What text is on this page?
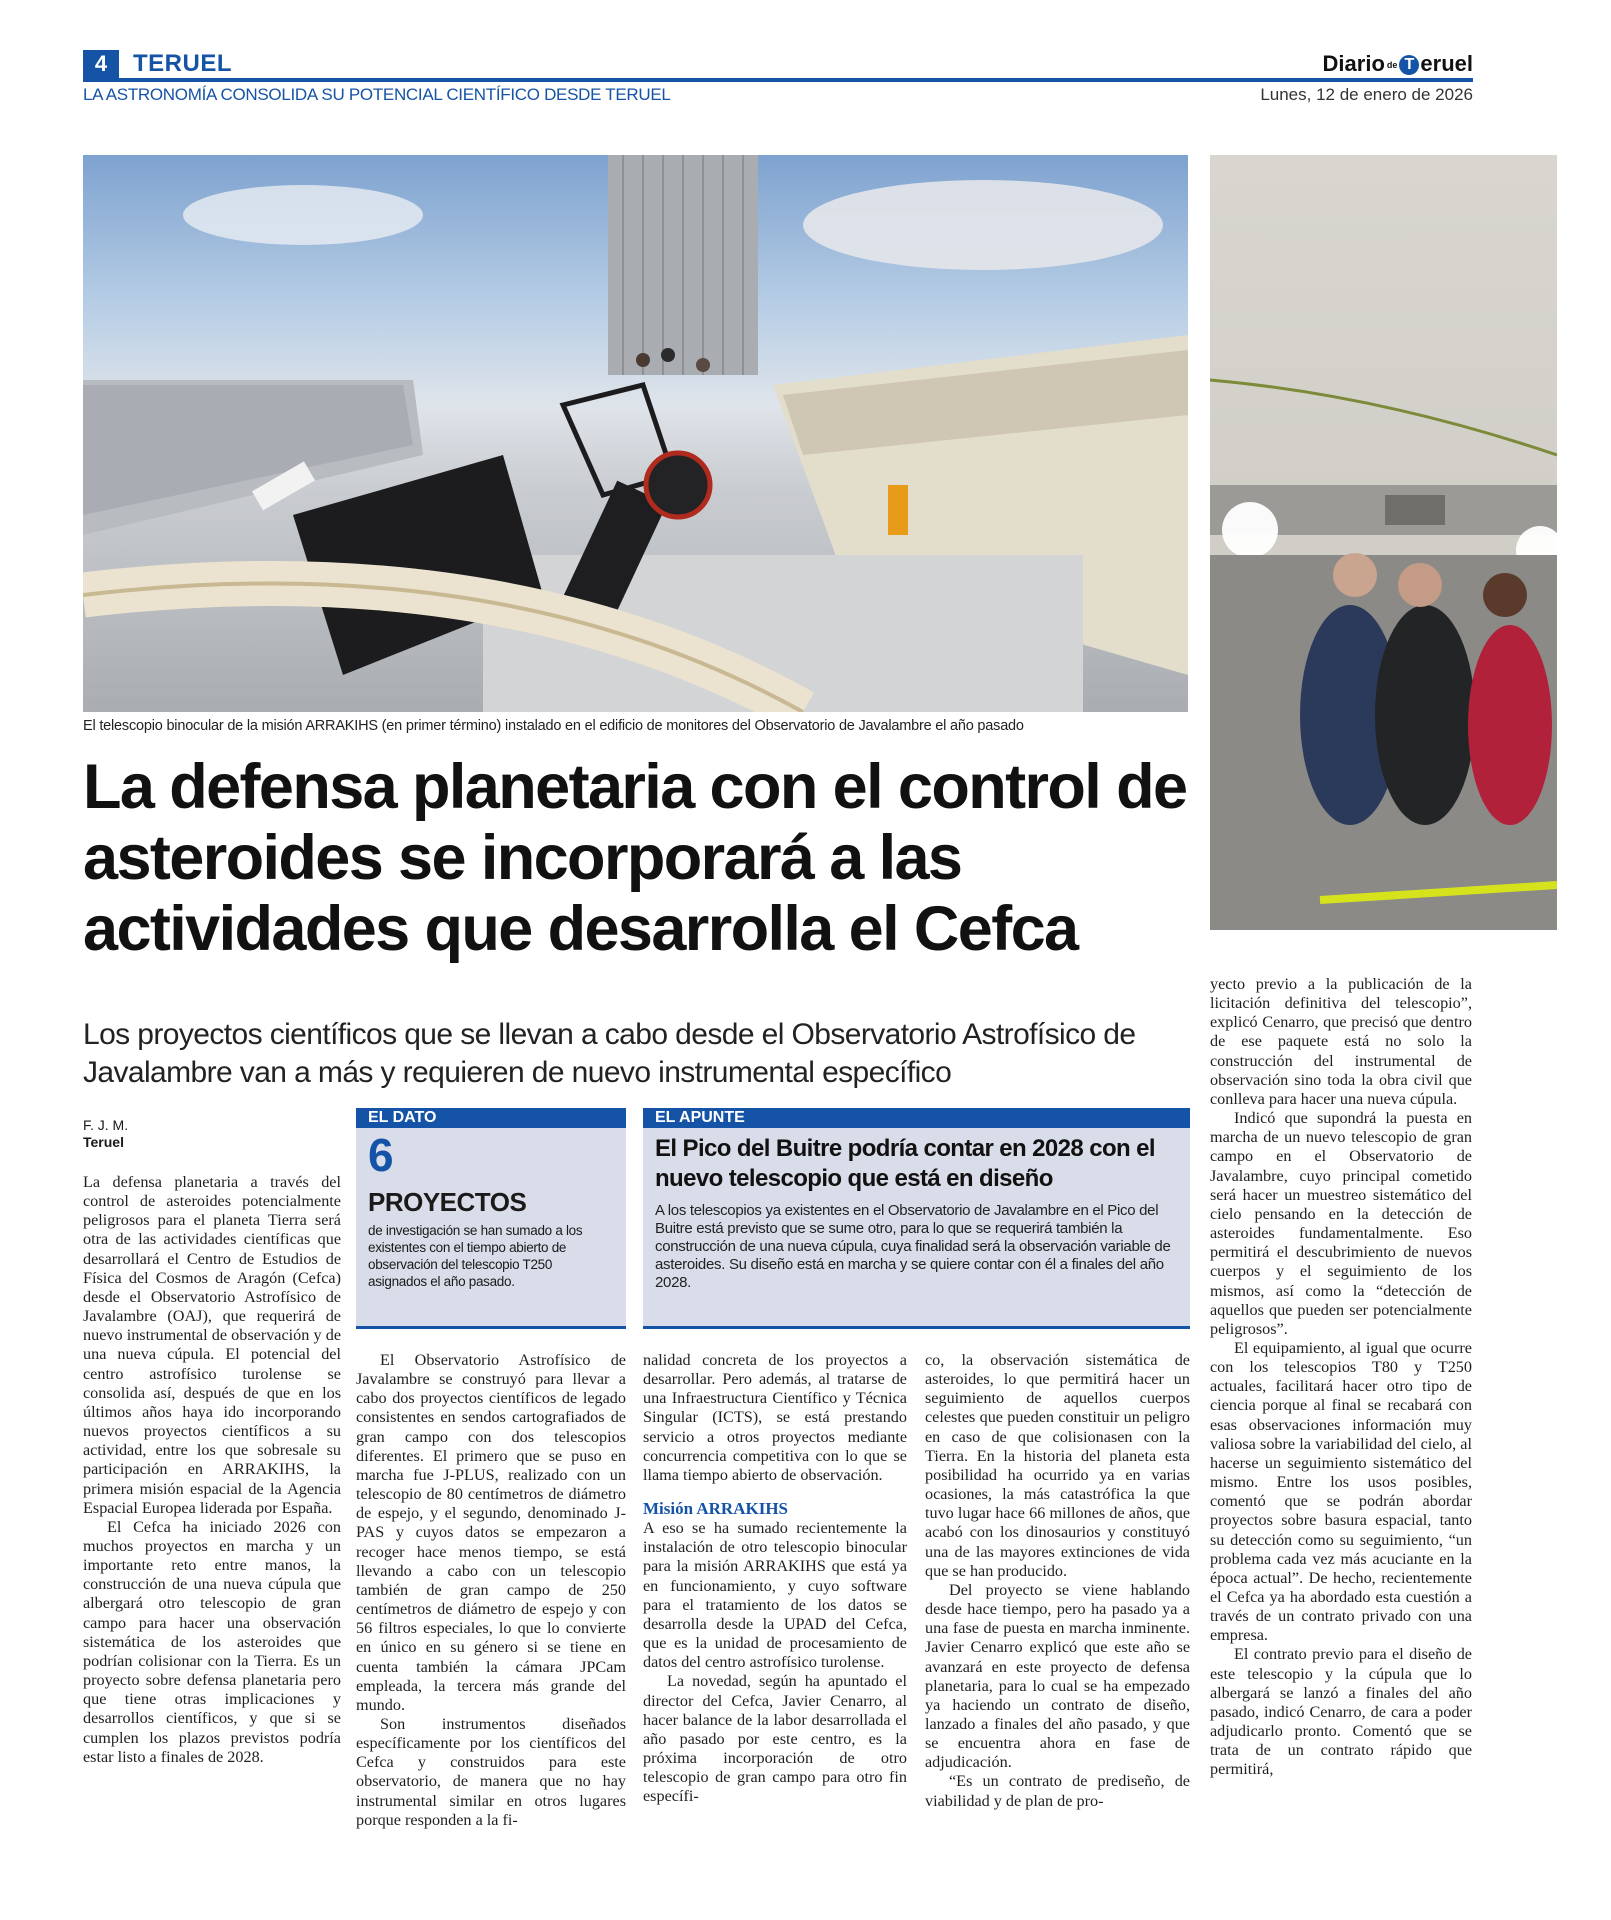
4	TERUEL	Diario de T eruel
LA ASTRONOMÍA CONSOLIDA SU POTENCIAL CIENTÍFICO DESDE TERUEL	Lunes, 12 de enero de 2026
El telescopio binocular de la misión ARRAKIHS (en primer término) instalado en el edificio de monitores del Observatorio de Javalambre el año pasado
La defensa planetaria con el control de asteroides se incorporará a las actividades que desarrolla el Cefca
Los proyectos científicos que se llevan a cabo desde el Observatorio Astrofísico de Javalambre van a más y requieren de nuevo instrumental específico
F. J. M.
Teruel
EL DATO
6
PROYECTOS
de investigación se han sumado a los existentes con el tiempo abierto de observación del telescopio T250 asignados el año pasado.
EL APUNTE
El Pico del Buitre podría contar en 2028 con el nuevo telescopio que está en diseño
A los telescopios ya existentes en el Observatorio de Javalambre en el Pico del Buitre está previsto que se sume otro, para lo que se requerirá también la construcción de una nueva cúpula, cuya finalidad será la observación variable de asteroides. Su diseño está en marcha y se quiere contar con él a finales del año 2028.

La defensa planetaria a través del control de asteroides potencialmente peligrosos para el planeta Tierra será otra de las actividades científicas que desarrollará el Centro de Estudios de Física del Cosmos de Aragón (Cefca) desde el Observatorio Astrofísico de Javalambre (OAJ), que requerirá de nuevo instrumental de observación y de una nueva cúpula. El potencial del centro astrofísico turolense se consolida así, después de que en los últimos años haya ido incorporando nuevos proyectos científicos a su actividad, entre los que sobresale su participación en ARRAKIHS, la primera misión espacial de la Agencia Espacial Europea liderada por España.

El Cefca ha iniciado 2026 con muchos proyectos en marcha y un importante reto entre manos, la construcción de una nueva cúpula que albergará otro telescopio de gran campo para hacer una observación sistemática de los asteroides que podrían colisionar con la Tierra. Es un proyecto sobre defensa planetaria pero que tiene otras implicaciones y desarrollos científicos, y que si se cumplen los plazos previstos podría estar listo a finales de 2028.

El Observatorio Astrofísico de Javalambre se construyó para llevar a cabo dos proyectos científicos de legado consistentes en sendos cartografiados de gran campo con dos telescopios diferentes. El primero que se puso en marcha fue J-PLUS, realizado con un telescopio de 80 centímetros de diámetro de espejo, y el segundo, denominado J-PAS y cuyos datos se empezaron a recoger hace menos tiempo, se está llevando a cabo con un telescopio también de gran campo de 250 centímetros de diámetro de espejo y con 56 filtros especiales, lo que lo convierte en único en su género si se tiene en cuenta también la cámara JPCam empleada, la tercera más grande del mundo.

Son instrumentos diseñados específicamente por los científicos del Cefca y construidos para este observatorio, de manera que no hay instrumental similar en otros lugares porque responden a la fi-

nalidad concreta de los proyectos a desarrollar. Pero además, al tratarse de una Infraestructura Científico y Técnica Singular (ICTS), se está prestando servicio a otros proyectos mediante concurrencia competitiva con lo que se llama tiempo abierto de observación.

Misión ARRAKIHS

A eso se ha sumado recientemente la instalación de otro telescopio binocular para la misión ARRAKIHS que está ya en funcionamiento, y cuyo software para el tratamiento de los datos se desarrolla desde la UPAD del Cefca, que es la unidad de procesamiento de datos del centro astrofísico turolense.

La novedad, según ha apuntado el director del Cefca, Javier Cenarro, al hacer balance de la labor desarrollada el año pasado por este centro, es la próxima incorporación de otro telescopio de gran campo para otro fin específi-

co, la observación sistemática de asteroides, lo que permitirá hacer un seguimiento de aquellos cuerpos celestes que pueden constituir un peligro en caso de que colisionasen con la Tierra. En la historia del planeta esta posibilidad ha ocurrido ya en varias ocasiones, la más catastrófica la que tuvo lugar hace 66 millones de años, que acabó con los dinosaurios y constituyó una de las mayores extinciones de vida que se han producido.

Del proyecto se viene hablando desde hace tiempo, pero ha pasado ya a una fase de puesta en marcha inminente. Javier Cenarro explicó que este año se avanzará en este proyecto de defensa planetaria, para lo cual se ha empezado ya haciendo un contrato de diseño, lanzado a finales del año pasado, y que se encuentra ahora en fase de adjudicación.

“Es un contrato de prediseño, de viabilidad y de plan de pro-

yecto previo a la publicación de la licitación definitiva del telescopio”, explicó Cenarro, que precisó que dentro de ese paquete está no solo la construcción del instrumental de observación sino toda la obra civil que conlleva para hacer una nueva cúpula.

Indicó que supondrá la puesta en marcha de un nuevo telescopio de gran campo en el Observatorio de Javalambre, cuyo principal cometido será hacer un muestreo sistemático del cielo pensando en la detección de asteroides fundamentalmente. Eso permitirá el descubrimiento de nuevos cuerpos y el seguimiento de los mismos, así como la “detección de aquellos que pueden ser potencialmente peligrosos”.

El equipamiento, al igual que ocurre con los telescopios T80 y T250 actuales, facilitará hacer otro tipo de ciencia porque al final se recabará con esas observaciones información muy valiosa sobre la variabilidad del cielo, al hacerse un seguimiento sistemático del mismo. Entre los usos posibles, comentó que se podrán abordar proyectos sobre basura espacial, tanto su detección como su seguimiento, “un problema cada vez más acuciante en la época actual”. De hecho, recientemente el Cefca ya ha abordado esta cuestión a través de un contrato privado con una empresa.

El contrato previo para el diseño de este telescopio y la cúpula que lo albergará se lanzó a finales del año pasado, indicó Cenarro, de cara a poder adjudicarlo pronto. Comentó que se trata de un contrato rápido que permitirá,
